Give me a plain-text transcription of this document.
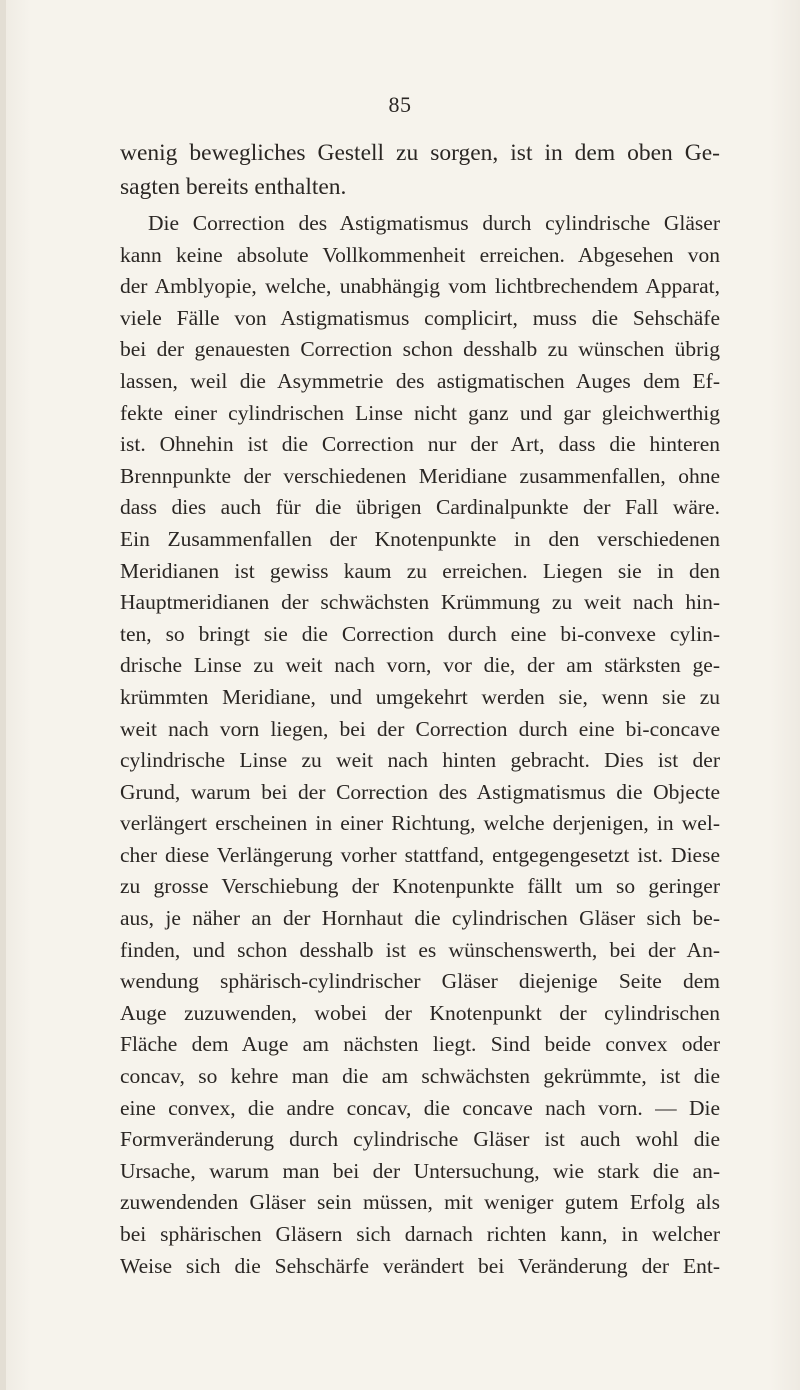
85
wenig bewegliches Gestell zu sorgen, ist in dem oben Ge-
sagten bereits enthalten.
Die Correction des Astigmatismus durch cylindrische Gläser
kann keine absolute Vollkommenheit erreichen. Abgesehen von
der Amblyopie, welche, unabhängig vom lichtbrechendem Apparat,
viele Fälle von Astigmatismus complicirt, muss die Sehschäfe
bei der genauesten Correction schon desshalb zu wünschen übrig
lassen, weil die Asymmetrie des astigmatischen Auges dem Ef-
fekte einer cylindrischen Linse nicht ganz und gar gleichwerthig
ist. Ohnehin ist die Correction nur der Art, dass die hinteren
Brennpunkte der verschiedenen Meridiane zusammenfallen, ohne
dass dies auch für die übrigen Cardinalpunkte der Fall wäre.
Ein Zusammenfallen der Knotenpunkte in den verschiedenen
Meridianen ist gewiss kaum zu erreichen. Liegen sie in den
Hauptmeridianen der schwächsten Krümmung zu weit nach hin-
ten, so bringt sie die Correction durch eine bi-convexe cylin-
drische Linse zu weit nach vorn, vor die, der am stärksten ge-
krümmten Meridiane, und umgekehrt werden sie, wenn sie zu
weit nach vorn liegen, bei der Correction durch eine bi-concave
cylindrische Linse zu weit nach hinten gebracht. Dies ist der
Grund, warum bei der Correction des Astigmatismus die Objecte
verlängert erscheinen in einer Richtung, welche derjenigen, in wel-
cher diese Verlängerung vorher stattfand, entgegengesetzt ist. Diese
zu grosse Verschiebung der Knotenpunkte fällt um so geringer
aus, je näher an der Hornhaut die cylindrischen Gläser sich be-
finden, und schon desshalb ist es wünschenswerth, bei der An-
wendung sphärisch-cylindrischer Gläser diejenige Seite dem
Auge zuzuwenden, wobei der Knotenpunkt der cylindrischen
Fläche dem Auge am nächsten liegt. Sind beide convex oder
concav, so kehre man die am schwächsten gekrümmte, ist die
eine convex, die andre concav, die concave nach vorn. — Die
Formveränderung durch cylindrische Gläser ist auch wohl die
Ursache, warum man bei der Untersuchung, wie stark die an-
zuwendenden Gläser sein müssen, mit weniger gutem Erfolg als
bei sphärischen Gläsern sich darnach richten kann, in welcher
Weise sich die Sehschärfe verändert bei Veränderung der Ent-
